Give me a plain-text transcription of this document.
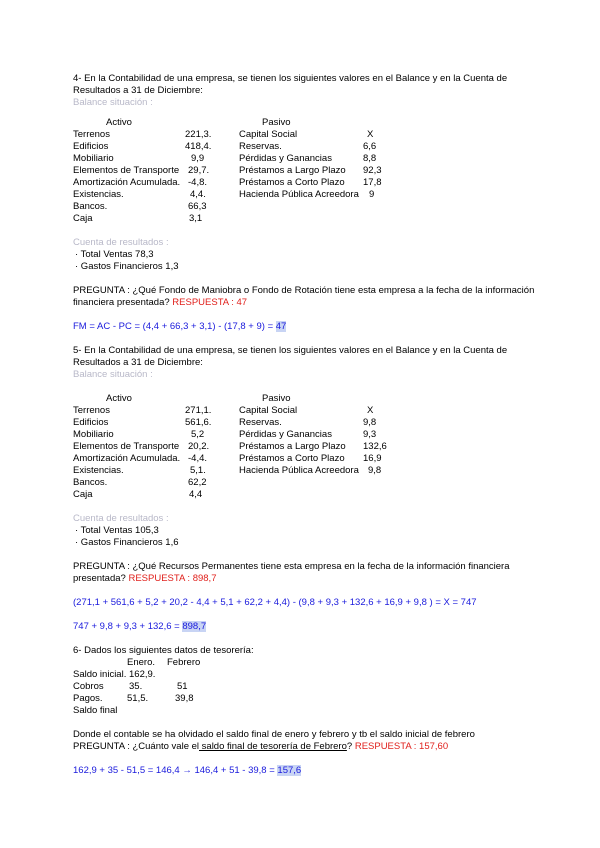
4- En la Contabilidad de una empresa, se tienen los siguientes valores en el Balance y en la Cuenta de
Resultados a 31 de Diciembre:
Balance situación :
Activo	Pasivo
Terrenos
Edificios
Mobiliario
Elementos de Transporte
Amortización Acumulada.
Existencias.
Bancos.
Caja
221,3.
418,4.
9,9
29,7.
-4,8.
4,4.
66,3
3,1
Capital Social
Reservas.
Pérdidas y Ganancias
Préstamos a Largo Plazo
Préstamos a Corto Plazo
Hacienda Pública Acreedora
X
6,6
8,8
92,3
17,8
9
Cuenta de resultados :
· Total Ventas 78,3
· Gastos Financieros 1,3
PREGUNTA : ¿Qué Fondo de Maniobra o Fondo de Rotación tiene esta empresa a la fecha de la información
financiera presentada? RESPUESTA : 47
FM = AC - PC = (4,4 + 66,3 + 3,1) - (17,8 + 9) = 47
5- En la Contabilidad de una empresa, se tienen los siguientes valores en el Balance y en la Cuenta de
Resultados a 31 de Diciembre:
Balance situación :
Activo	Pasivo
Terrenos
Edificios
Mobiliario
Elementos de Transporte
Amortización Acumulada.
Existencias.
Bancos.
Caja
271,1.
561,6.
5,2
20,2.
-4,4.
5,1.
62,2
4,4
Capital Social
Reservas.
Pérdidas y Ganancias
Préstamos a Largo Plazo
Préstamos a Corto Plazo
Hacienda Pública Acreedora
X
9,8
9,3
132,6
16,9
9,8
Cuenta de resultados :
· Total Ventas 105,3
· Gastos Financieros 1,6
PREGUNTA : ¿Qué Recursos Permanentes tiene esta empresa en la fecha de la información financiera
presentada? RESPUESTA : 898,7
(271,1 + 561,6 + 5,2 + 20,2 - 4,4 + 5,1 + 62,2 + 4,4) - (9,8 + 9,3 + 132,6 + 16,9 + 9,8 ) = X = 747
747 + 9,8 + 9,3 + 132,6 = 898,7
6- Dados los siguientes datos de tesorería:
Enero. Febrero
Saldo inicial.
Cobros
Pagos.
Saldo final
162,9.
35.
51,5.
51
39,8
Donde el contable se ha olvidado el saldo final de enero y febrero y tb el saldo inicial de febrero
PREGUNTA : ¿Cuánto vale el saldo final de tesorería de Febrero? RESPUESTA : 157,60
162,9 + 35 - 51,5 = 146,4 → 146,4 + 51 - 39,8 = 157,6
